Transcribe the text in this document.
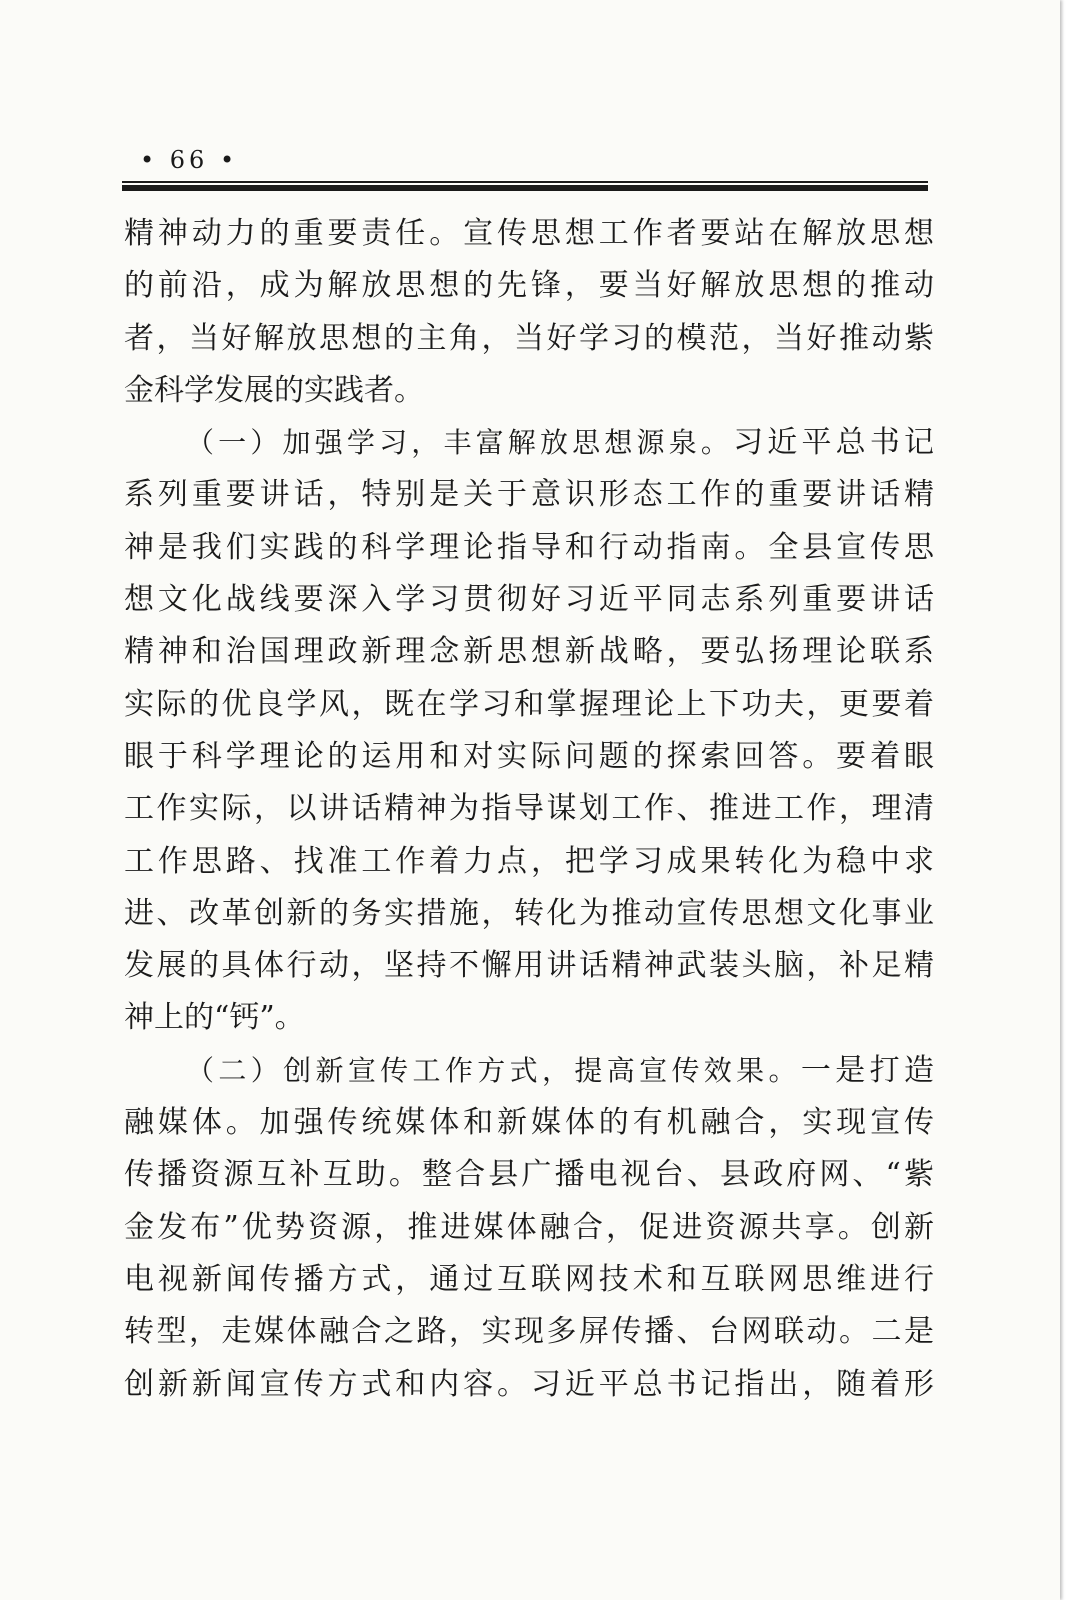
• 66 •
精神动力的重要责任。宣传思想工作者要站在解放思想
的前沿，成为解放思想的先锋，要当好解放思想的推动
者，当好解放思想的主角，当好学习的模范，当好推动紫
金科学发展的实践者。
（一）加强学习，丰富解放思想源泉。习近平总书记
系列重要讲话，特别是关于意识形态工作的重要讲话精
神是我们实践的科学理论指导和行动指南。全县宣传思
想文化战线要深入学习贯彻好习近平同志系列重要讲话
精神和治国理政新理念新思想新战略，要弘扬理论联系
实际的优良学风，既在学习和掌握理论上下功夫，更要着
眼于科学理论的运用和对实际问题的探索回答。要着眼
工作实际，以讲话精神为指导谋划工作、推进工作，理清
工作思路、找准工作着力点，把学习成果转化为稳中求
进、改革创新的务实措施，转化为推动宣传思想文化事业
发展的具体行动，坚持不懈用讲话精神武装头脑，补足精
神上的“钙”。
（二）创新宣传工作方式，提高宣传效果。一是打造
融媒体。加强传统媒体和新媒体的有机融合，实现宣传
传播资源互补互助。整合县广播电视台、县政府网、“紫
金发布”优势资源，推进媒体融合，促进资源共享。创新
电视新闻传播方式，通过互联网技术和互联网思维进行
转型，走媒体融合之路，实现多屏传播、台网联动。二是
创新新闻宣传方式和内容。习近平总书记指出，随着形
